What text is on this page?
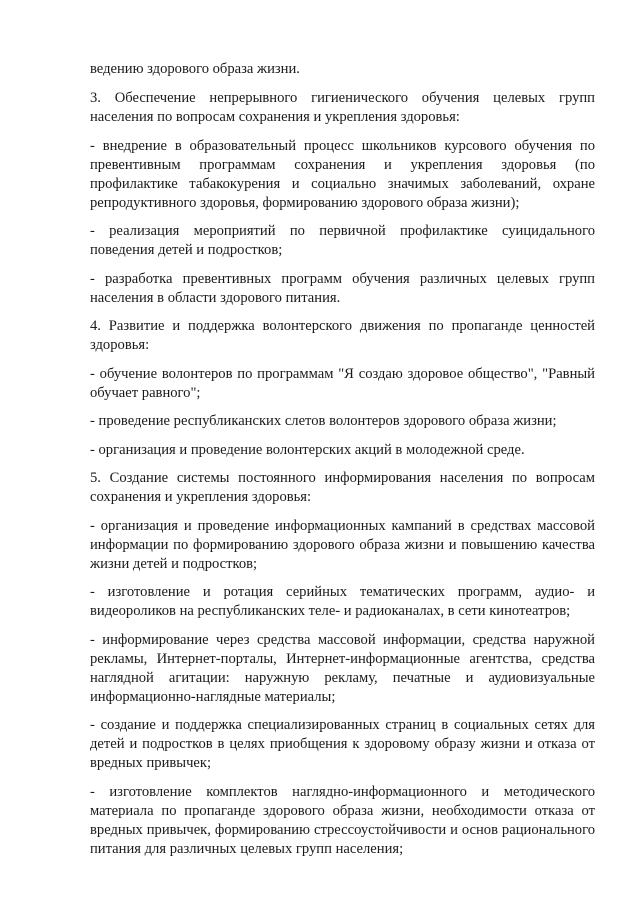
ведению здорового образа жизни.

3. Обеспечение непрерывного гигиенического обучения целевых групп населения по вопросам сохранения и укрепления здоровья:

- внедрение в образовательный процесс школьников курсового обучения по превентивным программам сохранения и укрепления здоровья (по профилактике табакокурения и социально значимых заболеваний, охране репродуктивного здоровья, формированию здорового образа жизни);

- реализация мероприятий по первичной профилактике суицидального поведения детей и подростков;

- разработка превентивных программ обучения различных целевых групп населения в области здорового питания.

4. Развитие и поддержка волонтерского движения по пропаганде ценностей здоровья:

- обучение волонтеров по программам "Я создаю здоровое общество", "Равный обучает равного";

- проведение республиканских слетов волонтеров здорового образа жизни;

- организация и проведение волонтерских акций в молодежной среде.

5. Создание системы постоянного информирования населения по вопросам сохранения и укрепления здоровья:

- организация и проведение информационных кампаний в средствах массовой информации по формированию здорового образа жизни и повышению качества жизни детей и подростков;

- изготовление и ротация серийных тематических программ, аудио- и видеороликов на республиканских теле- и радиоканалах, в сети кинотеатров;

- информирование через средства массовой информации, средства наружной рекламы, Интернет-порталы, Интернет-информационные агентства, средства наглядной агитации: наружную рекламу, печатные и аудиовизуальные информационно-наглядные материалы;

- создание и поддержка специализированных страниц в социальных сетях для детей и подростков в целях приобщения к здоровому образу жизни и отказа от вредных привычек;

- изготовление комплектов наглядно-информационного и методического материала по пропаганде здорового образа жизни, необходимости отказа от вредных привычек, формированию стрессоустойчивости и основ рационального питания для различных целевых групп населения;
